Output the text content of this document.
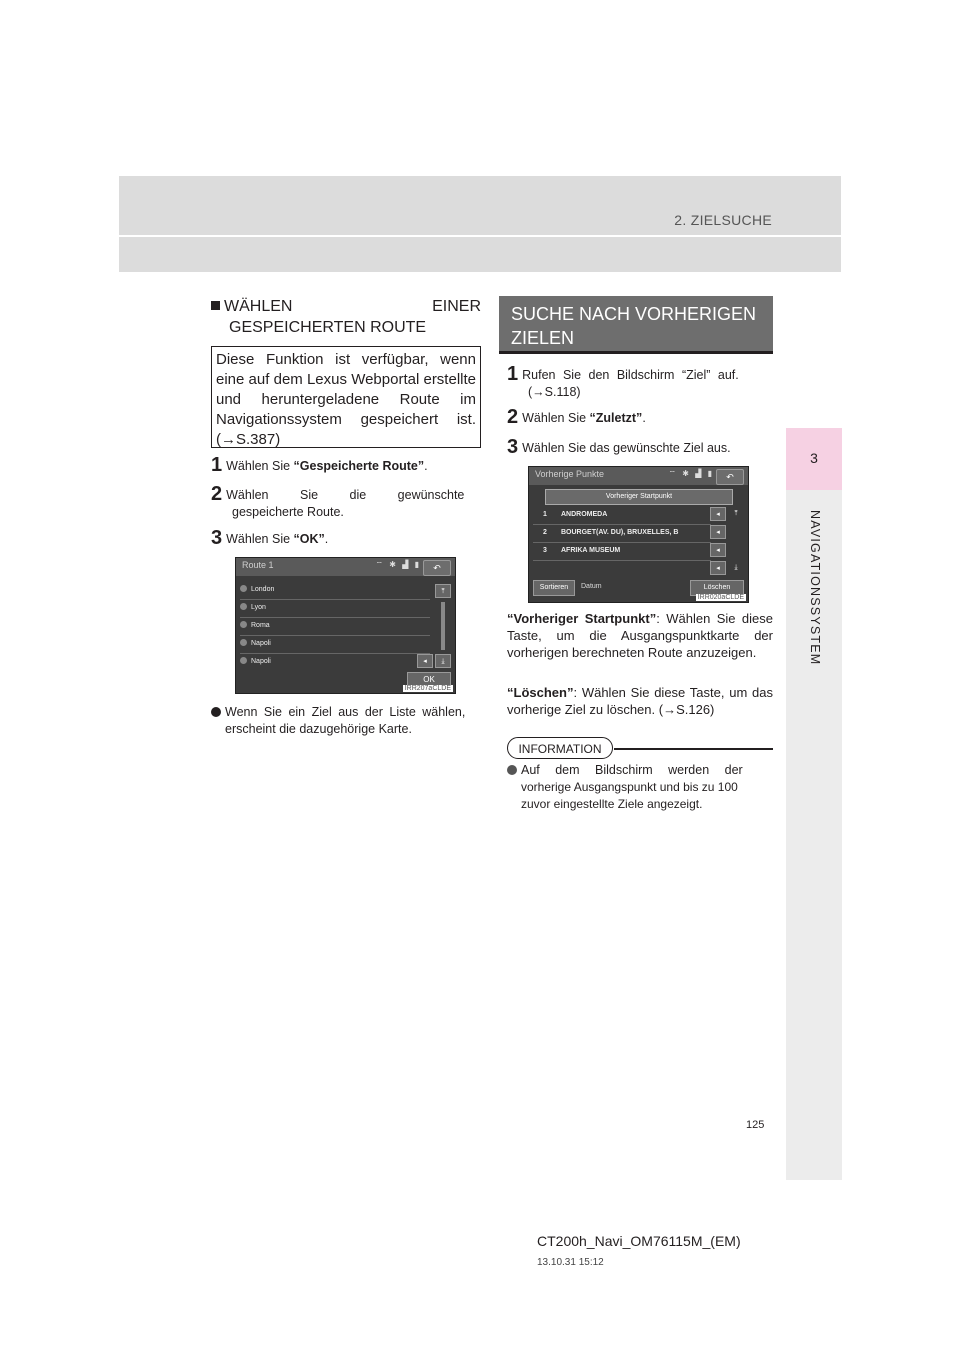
2. ZIELSUCHE
3
NAVIGATIONSSYSTEM
WÄHLEN	EINER
GESPEICHERTEN ROUTE
Diese Funktion ist verfügbar, wenn eine auf dem Lexus Webportal erstellte und heruntergeladene Route im Navigationssystem gespeichert ist. (→S.387)
1 Wählen Sie “Gespeicherte Route”.
2 Wählen Sie die gewünschte
gespeicherte Route.
3 Wählen Sie “OK”.
Route 1	⌔ ✱ ▟ ▮	↶
London
Lyon
Roma
Napoli
Napoli
⤒
⤓
◂
OK
IRR207aCLDE
Wenn Sie ein Ziel aus der Liste wählen,
erscheint die dazugehörige Karte.
SUCHE NACH VORHERIGEN
ZIELEN
1 Rufen Sie den Bildschirm “Ziel” auf.
(→S.118)
2 Wählen Sie “Zuletzt”.
3 Wählen Sie das gewünschte Ziel aus.
Vorherige Punkte	⌔ ✱ ▟ ▮	↶
Vorheriger Startpunkt
1 ANDROMEDA
2 BOURGET(AV. DU), BRUXELLES, B
3 AFRIKA MUSEUM
◂
◂
◂
◂
⤒
⤓
Sortieren	Datum	Löschen
IRR020aCLDE
“Vorheriger Startpunkt”: Wählen Sie diese Taste, um die Ausgangspunktkarte der vorherigen berechneten Route anzuzeigen.
“Löschen”: Wählen Sie diese Taste, um das vorherige Ziel zu löschen. (→S.126)
INFORMATION
Auf dem Bildschirm werden der
vorherige Ausgangspunkt und bis zu 100
zuvor eingestellte Ziele angezeigt.
125
CT200h_Navi_OM76115M_(EM)
13.10.31 15:12
